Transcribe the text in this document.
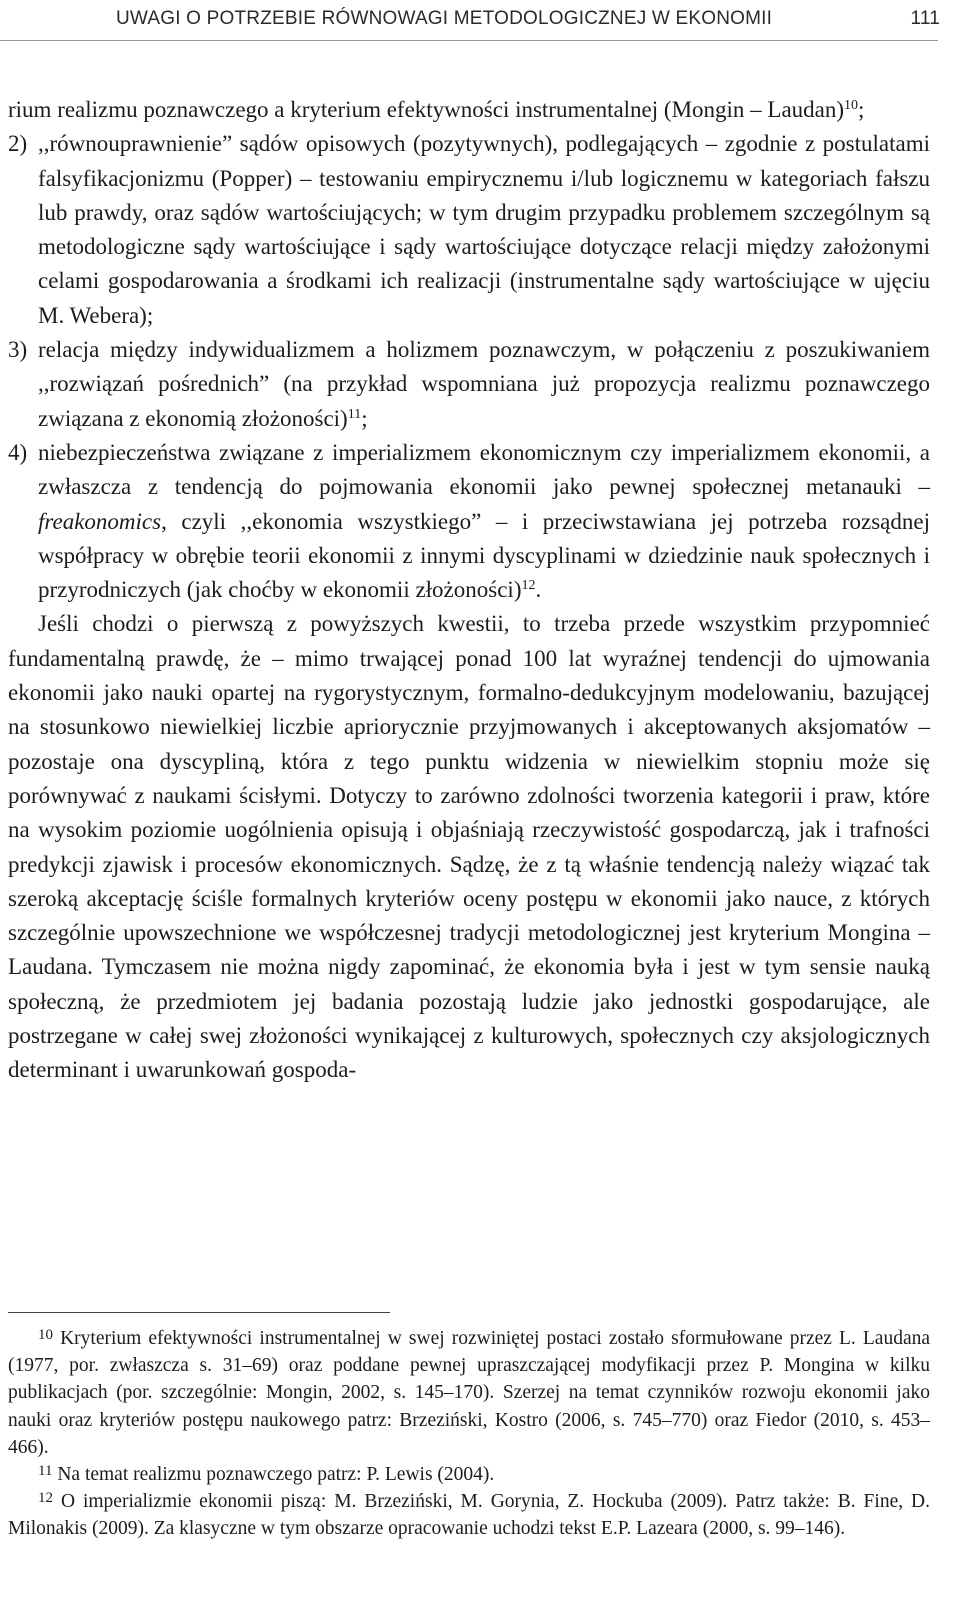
UWAGI O POTRZEBIE RÓWNOWAGI METODOLOGICZNEJ W EKONOMII	111

rium realizmu poznawczego a kryterium efektywności instrumentalnej (Mongin – Laudan)$^{10}$;

2) ,,równouprawnienie” sądów opisowych (pozytywnych), podlegających – zgodnie z postulatami falsyfikacjonizmu (Popper) – testowaniu empirycznemu i/lub logicznemu w kategoriach fałszu lub prawdy, oraz sądów wartościujących; w tym drugim przypadku problemem szczególnym są metodologiczne sądy wartościujące i sądy wartościujące dotyczące relacji między założonymi celami gospodarowania a środkami ich realizacji (instrumentalne sądy wartościujące w ujęciu M. Webera);

3) relacja między indywidualizmem a holizmem poznawczym, w połączeniu z poszukiwaniem ,,rozwiązań pośrednich” (na przykład wspomniana już propozycja realizmu poznawczego związana z ekonomią złożoności)$^{11}$;

4) niebezpieczeństwa związane z imperializmem ekonomicznym czy imperializmem ekonomii, a zwłaszcza z tendencją do pojmowania ekonomii jako pewnej społecznej metanauki – freakonomics, czyli ,,ekonomia wszystkiego” – i przeciwstawiana jej potrzeba rozsądnej współpracy w obrębie teorii ekonomii z innymi dyscyplinami w dziedzinie nauk społecznych i przyrodniczych (jak choćby w ekonomii złożoności)$^{12}$.

Jeśli chodzi o pierwszą z powyższych kwestii, to trzeba przede wszystkim przypomnieć fundamentalną prawdę, że – mimo trwającej ponad 100 lat wyraźnej tendencji do ujmowania ekonomii jako nauki opartej na rygorystycznym, formalno-dedukcyjnym modelowaniu, bazującej na stosunkowo niewielkiej liczbie apriorycznie przyjmowanych i akceptowanych aksjomatów – pozostaje ona dyscypliną, która z tego punktu widzenia w niewielkim stopniu może się porównywać z naukami ścisłymi. Dotyczy to zarówno zdolności tworzenia kategorii i praw, które na wysokim poziomie uogólnienia opisują i objaśniają rzeczywistość gospodarczą, jak i trafności predykcji zjawisk i procesów ekonomicznych. Sądzę, że z tą właśnie tendencją należy wiązać tak szeroką akceptację ściśle formalnych kryteriów oceny postępu w ekonomii jako nauce, z których szczególnie upowszechnione we współczesnej tradycji metodologicznej jest kryterium Mongina – Laudana. Tymczasem nie można nigdy zapominać, że ekonomia była i jest w tym sensie nauką społeczną, że przedmiotem jej badania pozostają ludzie jako jednostki gospodarujące, ale postrzegane w całej swej złożoności wynikającej z kulturowych, społecznych czy aksjologicznych determinant i uwarunkowań gospoda-

$^{10}$ Kryterium efektywności instrumentalnej w swej rozwiniętej postaci zostało sformułowane przez L. Laudana (1977, por. zwłaszcza s. 31–69) oraz poddane pewnej upraszczającej modyfikacji przez P. Mongina w kilku publikacjach (por. szczególnie: Mongin, 2002, s. 145–170). Szerzej na temat czynników rozwoju ekonomii jako nauki oraz kryteriów postępu naukowego patrz: Brzeziński, Kostro (2006, s. 745–770) oraz Fiedor (2010, s. 453–466).

$^{11}$ Na temat realizmu poznawczego patrz: P. Lewis (2004).

$^{12}$ O imperializmie ekonomii piszą: M. Brzeziński, M. Gorynia, Z. Hockuba (2009). Patrz także: B. Fine, D. Milonakis (2009). Za klasyczne w tym obszarze opracowanie uchodzi tekst E.P. Lazeara (2000, s. 99–146).
